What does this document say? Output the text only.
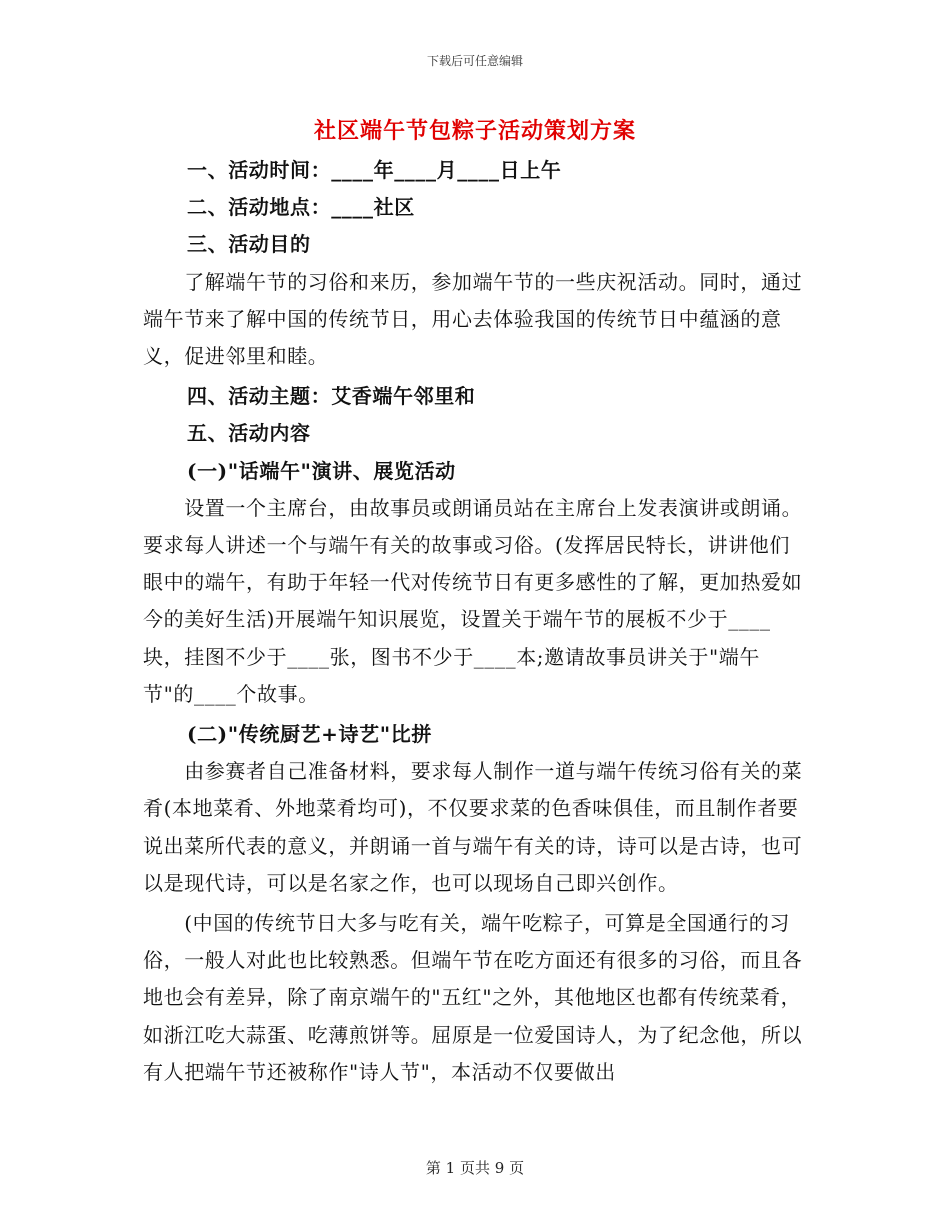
下载后可任意编辑
社区端午节包粽子活动策划方案

一、活动时间：____年____月____日上午

二、活动地点：____社区

三、活动目的

　　了解端午节的习俗和来历，参加端午节的一些庆祝活动。同时，通过端午节来了解中国的传统节日，用心去体验我国的传统节日中蕴涵的意义，促进邻里和睦。

四、活动主题：艾香端午邻里和

五、活动内容

(一)"话端午"演讲、展览活动

　　设置一个主席台，由故事员或朗诵员站在主席台上发表演讲或朗诵。要求每人讲述一个与端午有关的故事或习俗。(发挥居民特长，讲讲他们眼中的端午，有助于年轻一代对传统节日有更多感性的了解，更加热爱如今的美好生活)开展端午知识展览，设置关于端午节的展板不少于____块，挂图不少于____张，图书不少于____本;邀请故事员讲关于"端午节"的____个故事。

(二)"传统厨艺+诗艺"比拼

　　由参赛者自己准备材料，要求每人制作一道与端午传统习俗有关的菜肴(本地菜肴、外地菜肴均可)，不仅要求菜的色香味俱佳，而且制作者要说出菜所代表的意义，并朗诵一首与端午有关的诗，诗可以是古诗，也可以是现代诗，可以是名家之作，也可以现场自己即兴创作。

　　(中国的传统节日大多与吃有关，端午吃粽子，可算是全国通行的习俗，一般人对此也比较熟悉。但端午节在吃方面还有很多的习俗，而且各地也会有差异，除了南京端午的"五红"之外，其他地区也都有传统菜肴，如浙江吃大蒜蛋、吃薄煎饼等。屈原是一位爱国诗人，为了纪念他，所以有人把端午节还被称作"诗人节"，本活动不仅要做出

第 1 页共 9 页
